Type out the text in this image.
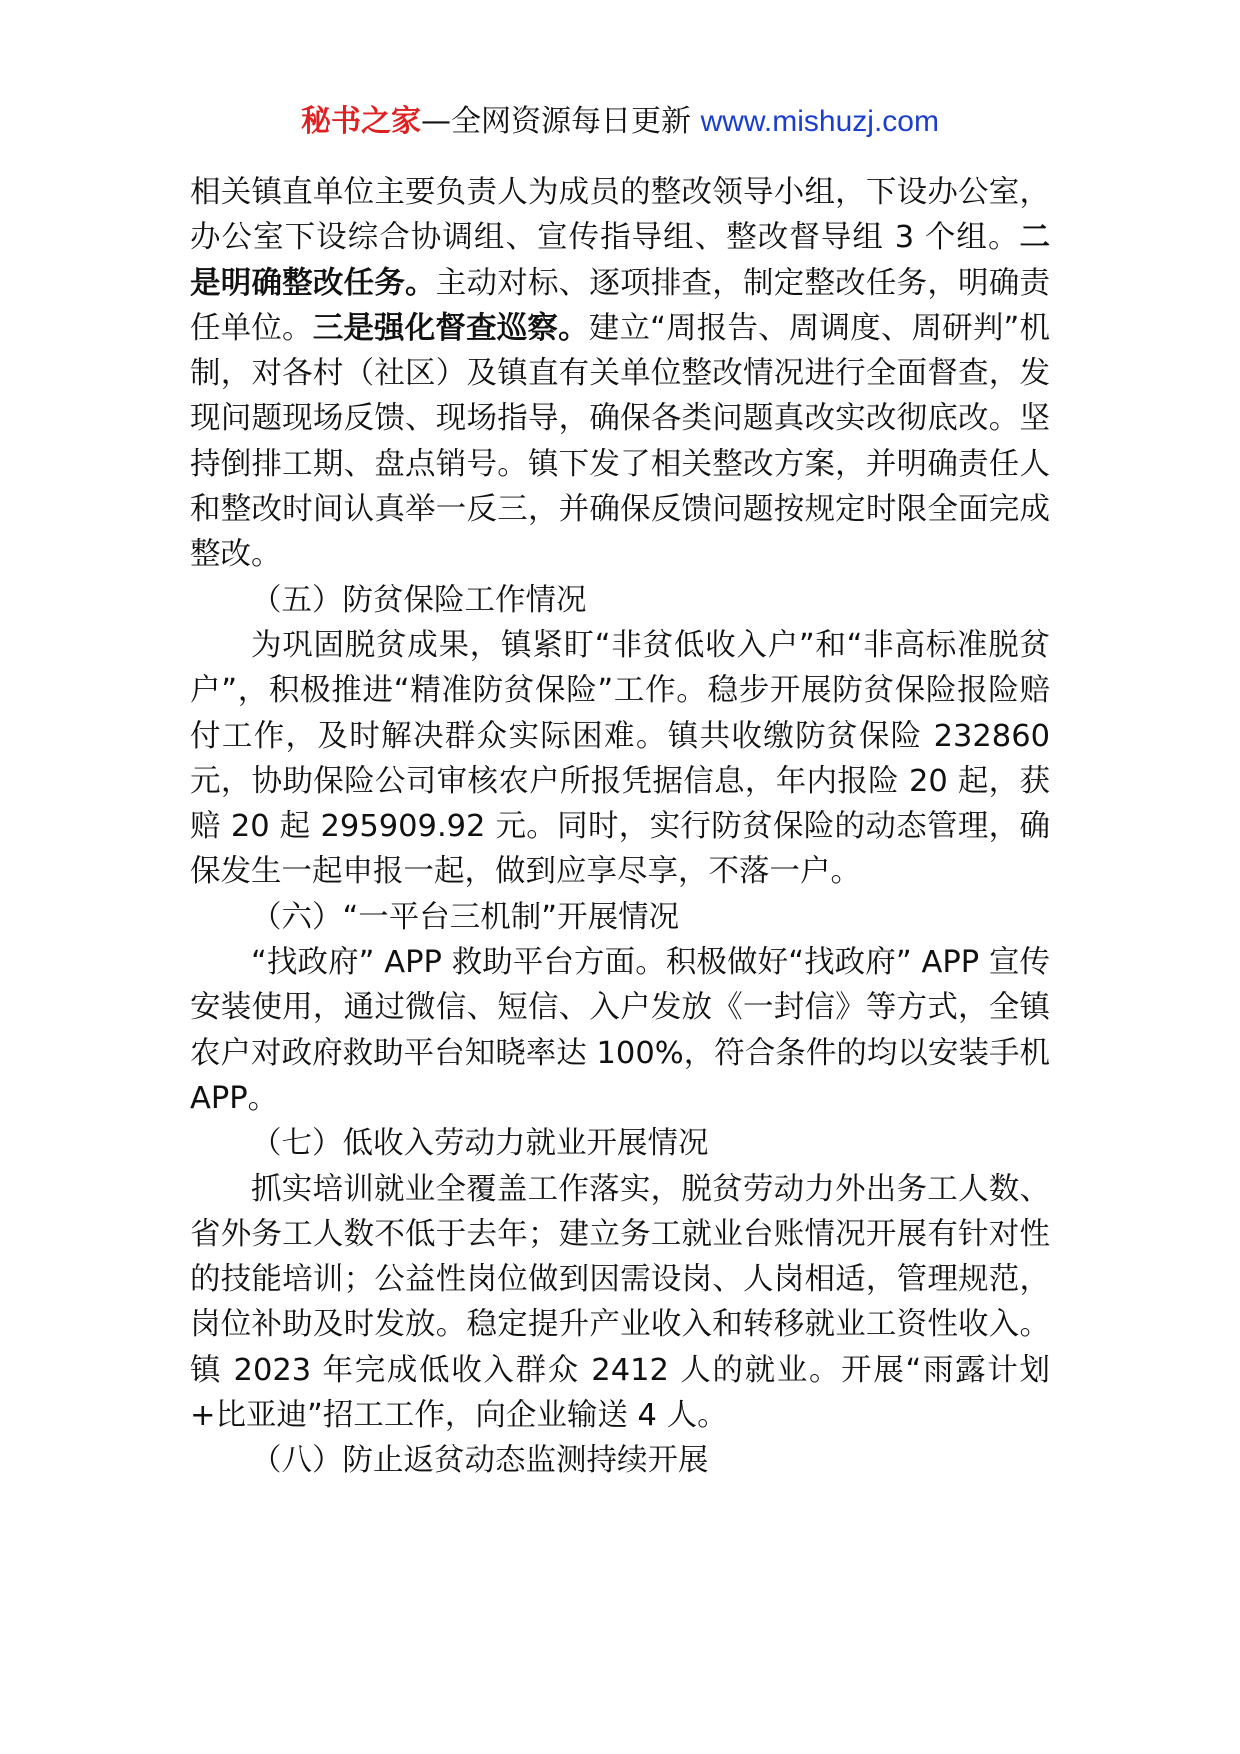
秘书之家—全网资源每日更新 www.mishuzj.com

相关镇直单位主要负责人为成员的整改领导小组，下设办公室，办公室下设综合协调组、宣传指导组、整改督导组 3 个组。二是明确整改任务。主动对标、逐项排查，制定整改任务，明确责任单位。三是强化督查巡察。建立“周报告、周调度、周研判”机制，对各村（社区）及镇直有关单位整改情况进行全面督查，发现问题现场反馈、现场指导，确保各类问题真改实改彻底改。坚持倒排工期、盘点销号。镇下发了相关整改方案，并明确责任人和整改时间认真举一反三，并确保反馈问题按规定时限全面完成整改。

（五）防贫保险工作情况

为巩固脱贫成果，镇紧盯“非贫低收入户”和“非高标准脱贫户”，积极推进“精准防贫保险”工作。稳步开展防贫保险报险赔付工作，及时解决群众实际困难。镇共收缴防贫保险 232860 元，协助保险公司审核农户所报凭据信息，年内报险 20 起，获赔 20 起 295909.92 元。同时，实行防贫保险的动态管理，确保发生一起申报一起，做到应享尽享，不落一户。

（六）“一平台三机制”开展情况

“找政府” APP 救助平台方面。积极做好“找政府” APP 宣传安装使用，通过微信、短信、入户发放《一封信》等方式，全镇农户对政府救助平台知晓率达 100%，符合条件的均以安装手机 APP。

（七）低收入劳动力就业开展情况

抓实培训就业全覆盖工作落实，脱贫劳动力外出务工人数、省外务工人数不低于去年；建立务工就业台账情况开展有针对性的技能培训；公益性岗位做到因需设岗、人岗相适，管理规范，岗位补助及时发放。稳定提升产业收入和转移就业工资性收入。镇 2023 年完成低收入群众 2412 人的就业。开展“雨露计划+比亚迪”招工工作，向企业输送 4 人。

（八）防止返贫动态监测持续开展
